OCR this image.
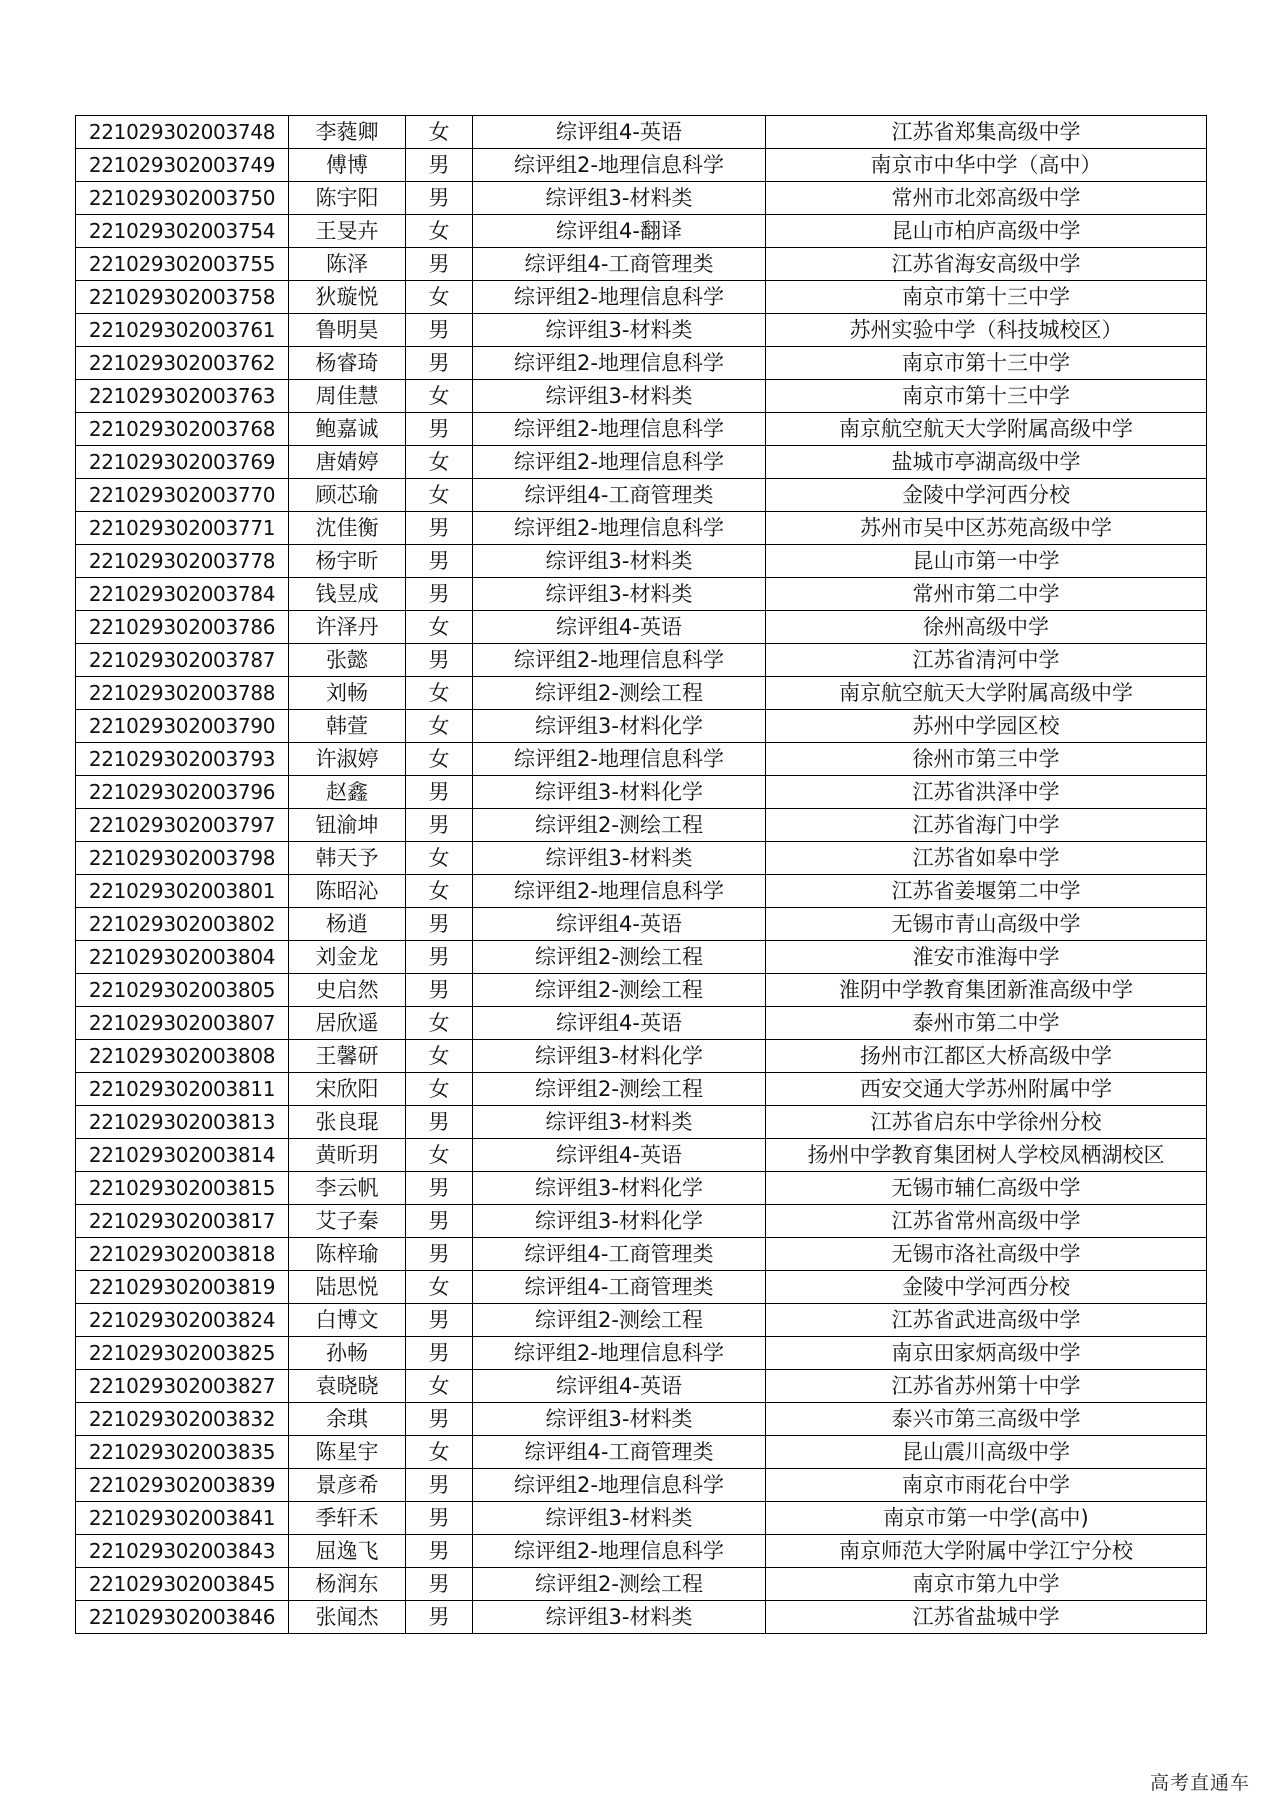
221029302003748	李蕤卿	女	综评组4-英语	江苏省郑集高级中学
221029302003749	傅博	男	综评组2-地理信息科学	南京市中华中学（高中）
221029302003750	陈宇阳	男	综评组3-材料类	常州市北郊高级中学
221029302003754	王旻卉	女	综评组4-翻译	昆山市柏庐高级中学
221029302003755	陈泽	男	综评组4-工商管理类	江苏省海安高级中学
221029302003758	狄璇悦	女	综评组2-地理信息科学	南京市第十三中学
221029302003761	鲁明昊	男	综评组3-材料类	苏州实验中学（科技城校区）
221029302003762	杨睿琦	男	综评组2-地理信息科学	南京市第十三中学
221029302003763	周佳慧	女	综评组3-材料类	南京市第十三中学
221029302003768	鲍嘉诚	男	综评组2-地理信息科学	南京航空航天大学附属高级中学
221029302003769	唐婧婷	女	综评组2-地理信息科学	盐城市亭湖高级中学
221029302003770	顾芯瑜	女	综评组4-工商管理类	金陵中学河西分校
221029302003771	沈佳衡	男	综评组2-地理信息科学	苏州市吴中区苏苑高级中学
221029302003778	杨宇昕	男	综评组3-材料类	昆山市第一中学
221029302003784	钱昱成	男	综评组3-材料类	常州市第二中学
221029302003786	许泽丹	女	综评组4-英语	徐州高级中学
221029302003787	张懿	男	综评组2-地理信息科学	江苏省清河中学
221029302003788	刘畅	女	综评组2-测绘工程	南京航空航天大学附属高级中学
221029302003790	韩萱	女	综评组3-材料化学	苏州中学园区校
221029302003793	许淑婷	女	综评组2-地理信息科学	徐州市第三中学
221029302003796	赵鑫	男	综评组3-材料化学	江苏省洪泽中学
221029302003797	钮渝坤	男	综评组2-测绘工程	江苏省海门中学
221029302003798	韩天予	女	综评组3-材料类	江苏省如皋中学
221029302003801	陈昭沁	女	综评组2-地理信息科学	江苏省姜堰第二中学
221029302003802	杨逍	男	综评组4-英语	无锡市青山高级中学
221029302003804	刘金龙	男	综评组2-测绘工程	淮安市淮海中学
221029302003805	史启然	男	综评组2-测绘工程	淮阴中学教育集团新淮高级中学
221029302003807	居欣遥	女	综评组4-英语	泰州市第二中学
221029302003808	王馨研	女	综评组3-材料化学	扬州市江都区大桥高级中学
221029302003811	宋欣阳	女	综评组2-测绘工程	西安交通大学苏州附属中学
221029302003813	张良琨	男	综评组3-材料类	江苏省启东中学徐州分校
221029302003814	黄昕玥	女	综评组4-英语	扬州中学教育集团树人学校凤栖湖校区
221029302003815	李云帆	男	综评组3-材料化学	无锡市辅仁高级中学
221029302003817	艾子秦	男	综评组3-材料化学	江苏省常州高级中学
221029302003818	陈梓瑜	男	综评组4-工商管理类	无锡市洛社高级中学
221029302003819	陆思悦	女	综评组4-工商管理类	金陵中学河西分校
221029302003824	白博文	男	综评组2-测绘工程	江苏省武进高级中学
221029302003825	孙畅	男	综评组2-地理信息科学	南京田家炳高级中学
221029302003827	袁晓晓	女	综评组4-英语	江苏省苏州第十中学
221029302003832	余琪	男	综评组3-材料类	泰兴市第三高级中学
221029302003835	陈星宇	女	综评组4-工商管理类	昆山震川高级中学
221029302003839	景彦希	男	综评组2-地理信息科学	南京市雨花台中学
221029302003841	季轩禾	男	综评组3-材料类	南京市第一中学(高中)
221029302003843	屈逸飞	男	综评组2-地理信息科学	南京师范大学附属中学江宁分校
221029302003845	杨润东	男	综评组2-测绘工程	南京市第九中学
221029302003846	张闻杰	男	综评组3-材料类	江苏省盐城中学
高考直通车
